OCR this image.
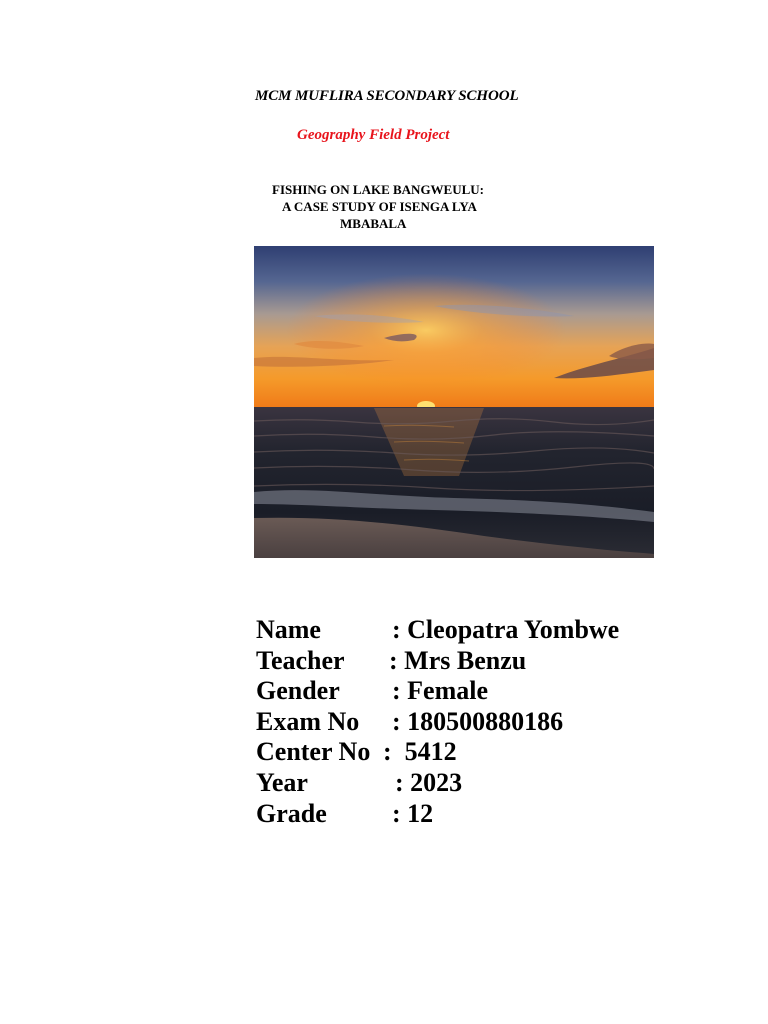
MCM MUFLIRA SECONDARY SCHOOL
Geography Field Project
FISHING ON LAKE BANGWEULU:
A CASE STUDY OF ISENGA LYA
MBABALA
Name	: Cleopatra Yombwe
Teacher	: Mrs Benzu
Gender	: Female
Exam No	: 180500880186
Center No :  5412
Year	: 2023
Grade	: 12
